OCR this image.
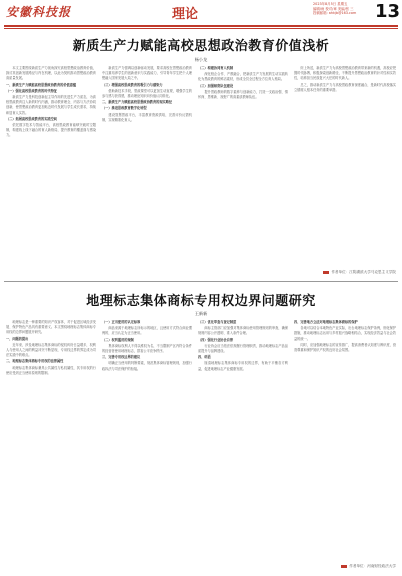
安徽科技报	理论
2023年8月5日 星期五
编辑/雨 校对/章 美编/张 三
投稿邮箱: ahkjb@163.com	13
新质生产力赋能高校思想政治教育价值浅析
杨小龙

本文主要围绕新质生产力视角探究高校思想政治教育价值，探讨其创新发展路径与内在机理，以此为契机推动思想政治教育高质量发展。

一、新质生产力赋能高校思想政治教育的价值意蕴

（一）强化高校思政教育的时代特征

新质生产力是科技创新起主导作用的先进生产力质态，为高校思政教育注入新的时代内涵，推动教育理念、内容与方法协同创新，使思想政治教育更加贴近时代发展与学生成长需求，持续彰显育人实效。

（二）拓展高校思政教育的实践空间

依托数字技术与智能平台，高校思政教育能够突破时空限制，构建线上线下融合的育人新格局，提升教育的覆盖面与感染力。

新质生产力强调以创新驱动发展，要求高校在思想政治教育中注重培养学生的创新意识与实践能力，引导青年学生把个人理想融入国家发展大局之中。

（三）增强高校思政教育的吸引力与感染力

借助新技术手段，思政课堂可以更加生动直观，增强学生的参与感与获得感，推动理论知识向价值认同转化。

二、新质生产力赋能高校思想政治教育的现实路径

（一）推进思政教育数字化转型

建设智慧思政平台，丰富教育资源供给，完善评价反馈机制，实现精准化育人。

（二）构建协同育人机制

深化校企合作、产教融合，把新质生产力发展的生动实践转化为思政教育的鲜活素材，形成全员全过程全方位育人格局。

（三）加强师资队伍建设

提升思政教师的数字素养与创新能力，打造一支政治强、情怀深、思维新、视野广的高素质教师队伍。

综上所述，新质生产力为高校思想政治教育带来新的机遇，高校应把握时代脉搏，积极探索创新路径，不断提升思想政治教育的针对性和实效性，培养担当民族复兴大任的时代新人。

总之，推动新质生产力与高校思政教育深度融合，是新时代高校落实立德树人根本任务的重要举措。

作者单位：江阴湖滨大学马克思主义学院
地理标志集体商标专用权边界问题研究
王新新

地理标志是一种重要的知识产权客体，对于促进区域经济发展、保护特色产品具有重要意义。本文围绕地理标志集体商标专用权的边界问题展开研究。

一、问题的提出

近年来，涉及地理标志集体商标的侵权纠纷日益增多，权利人与使用人之间的利益冲突不断显现，专用权边界的界定成为司法实践中的难点。

二、地理标志集体商标专用权的法律属性

地理标志集体商标兼具公共属性与私权属性，其专用权的行使应受到正当使用原则的限制。

（一）正当使用的认定标准

商品来源于地理标志所标示的地区，且使用方式符合商业惯例的，应当认定为正当使用。

（二）权利滥用的规制

集体商标权利人不得以维权为名，不当限制产区内符合条件的经营者使用地理标志，损害公平竞争秩序。

三、完善专用权边界的建议

明确正当使用的判断要素，规范集体商标管理规则，加强行政执法与司法保护的衔接。

（三）优化审查与登记制度

商标主管部门应加强对集体商标使用管理规则的审查，确保规则内容公开透明、准入条件合理。

（四）强化行业协会自律

行业协会应当依法依规履行管理职责，推动地理标志产品品质提升与品牌建设。

四、结语

厘清地理标志集体商标专用权的边界，有助于平衡各方利益，促进地理标志产业健康发展。

四、完善地方立法对地理标志集体商标的保护

各地可以结合本地特色产业实际，出台地理标志保护条例，细化保护措施，推动地理标志运用与乡村振兴战略相结合，实现经济效益与社会效益的统一。

同时，应加强地理标志的宣传推广，提高消费者认知度与辨识度，营造尊重和保护知识产权的良好社会氛围。

作者单位：河南财经政法大学
